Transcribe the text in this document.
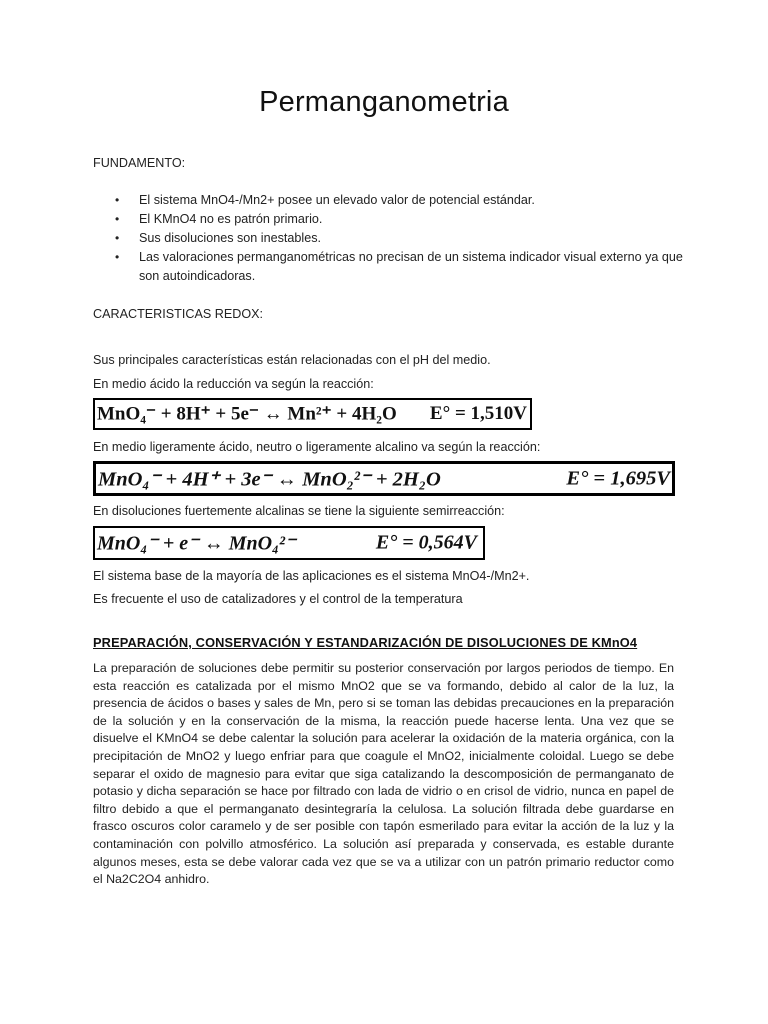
Permanganometria
FUNDAMENTO:
• El sistema MnO4-/Mn2+ posee un elevado valor de potencial estándar.
• El KMnO4 no es patrón primario.
• Sus disoluciones son inestables.
• Las valoraciones permanganométricas no precisan de un sistema indicador visual externo ya que son autoindicadoras.
CARACTERISTICAS REDOX:
Sus principales características están relacionadas con el pH del medio.
En medio ácido la reducción va según la reacción:
MnO₄⁻ + 8H⁺ + 5e⁻ ↔ Mn²⁺ + 4H₂O E° = 1,510V
En medio ligeramente ácido, neutro o ligeramente alcalino va según la reacción:
MnO₄⁻ + 4H⁺ + 3e⁻ ↔ MnO₂²⁻ + 2H₂O	E° = 1,695V
En disoluciones fuertemente alcalinas se tiene la siguiente semirreacción:
MnO₄⁻ + e⁻ ↔ MnO₄²⁻	E° = 0,564V
El sistema base de la mayoría de las aplicaciones es el sistema MnO4-/Mn2+.
Es frecuente el uso de catalizadores y el control de la temperatura
PREPARACIÓN, CONSERVACIÓN Y ESTANDARIZACIÓN DE DISOLUCIONES DE KMnO4
La preparación de soluciones debe permitir su posterior conservación por largos periodos de tiempo. En esta reacción es catalizada por el mismo MnO2 que se va formando, debido al calor de la luz, la presencia de ácidos o bases y sales de Mn, pero si se toman las debidas precauciones en la preparación de la solución y en la conservación de la misma, la reacción puede hacerse lenta. Una vez que se disuelve el KMnO4 se debe calentar la solución para acelerar la oxidación de la materia orgánica, con la precipitación de MnO2 y luego enfriar para que coagule el MnO2, inicialmente coloidal. Luego se debe separar el oxido de magnesio para evitar que siga catalizando la descomposición de permanganato de potasio y dicha separación se hace por filtrado con lada de vidrio o en crisol de vidrio, nunca en papel de filtro debido a que el permanganato desintegraría la celulosa. La solución filtrada debe guardarse en frasco oscuros color caramelo y de ser posible con tapón esmerilado para evitar la acción de la luz y la contaminación con polvillo atmosférico. La solución así preparada y conservada, es estable durante algunos meses, esta se debe valorar cada vez que se va a utilizar con un patrón primario reductor como el Na2C2O4 anhidro.
